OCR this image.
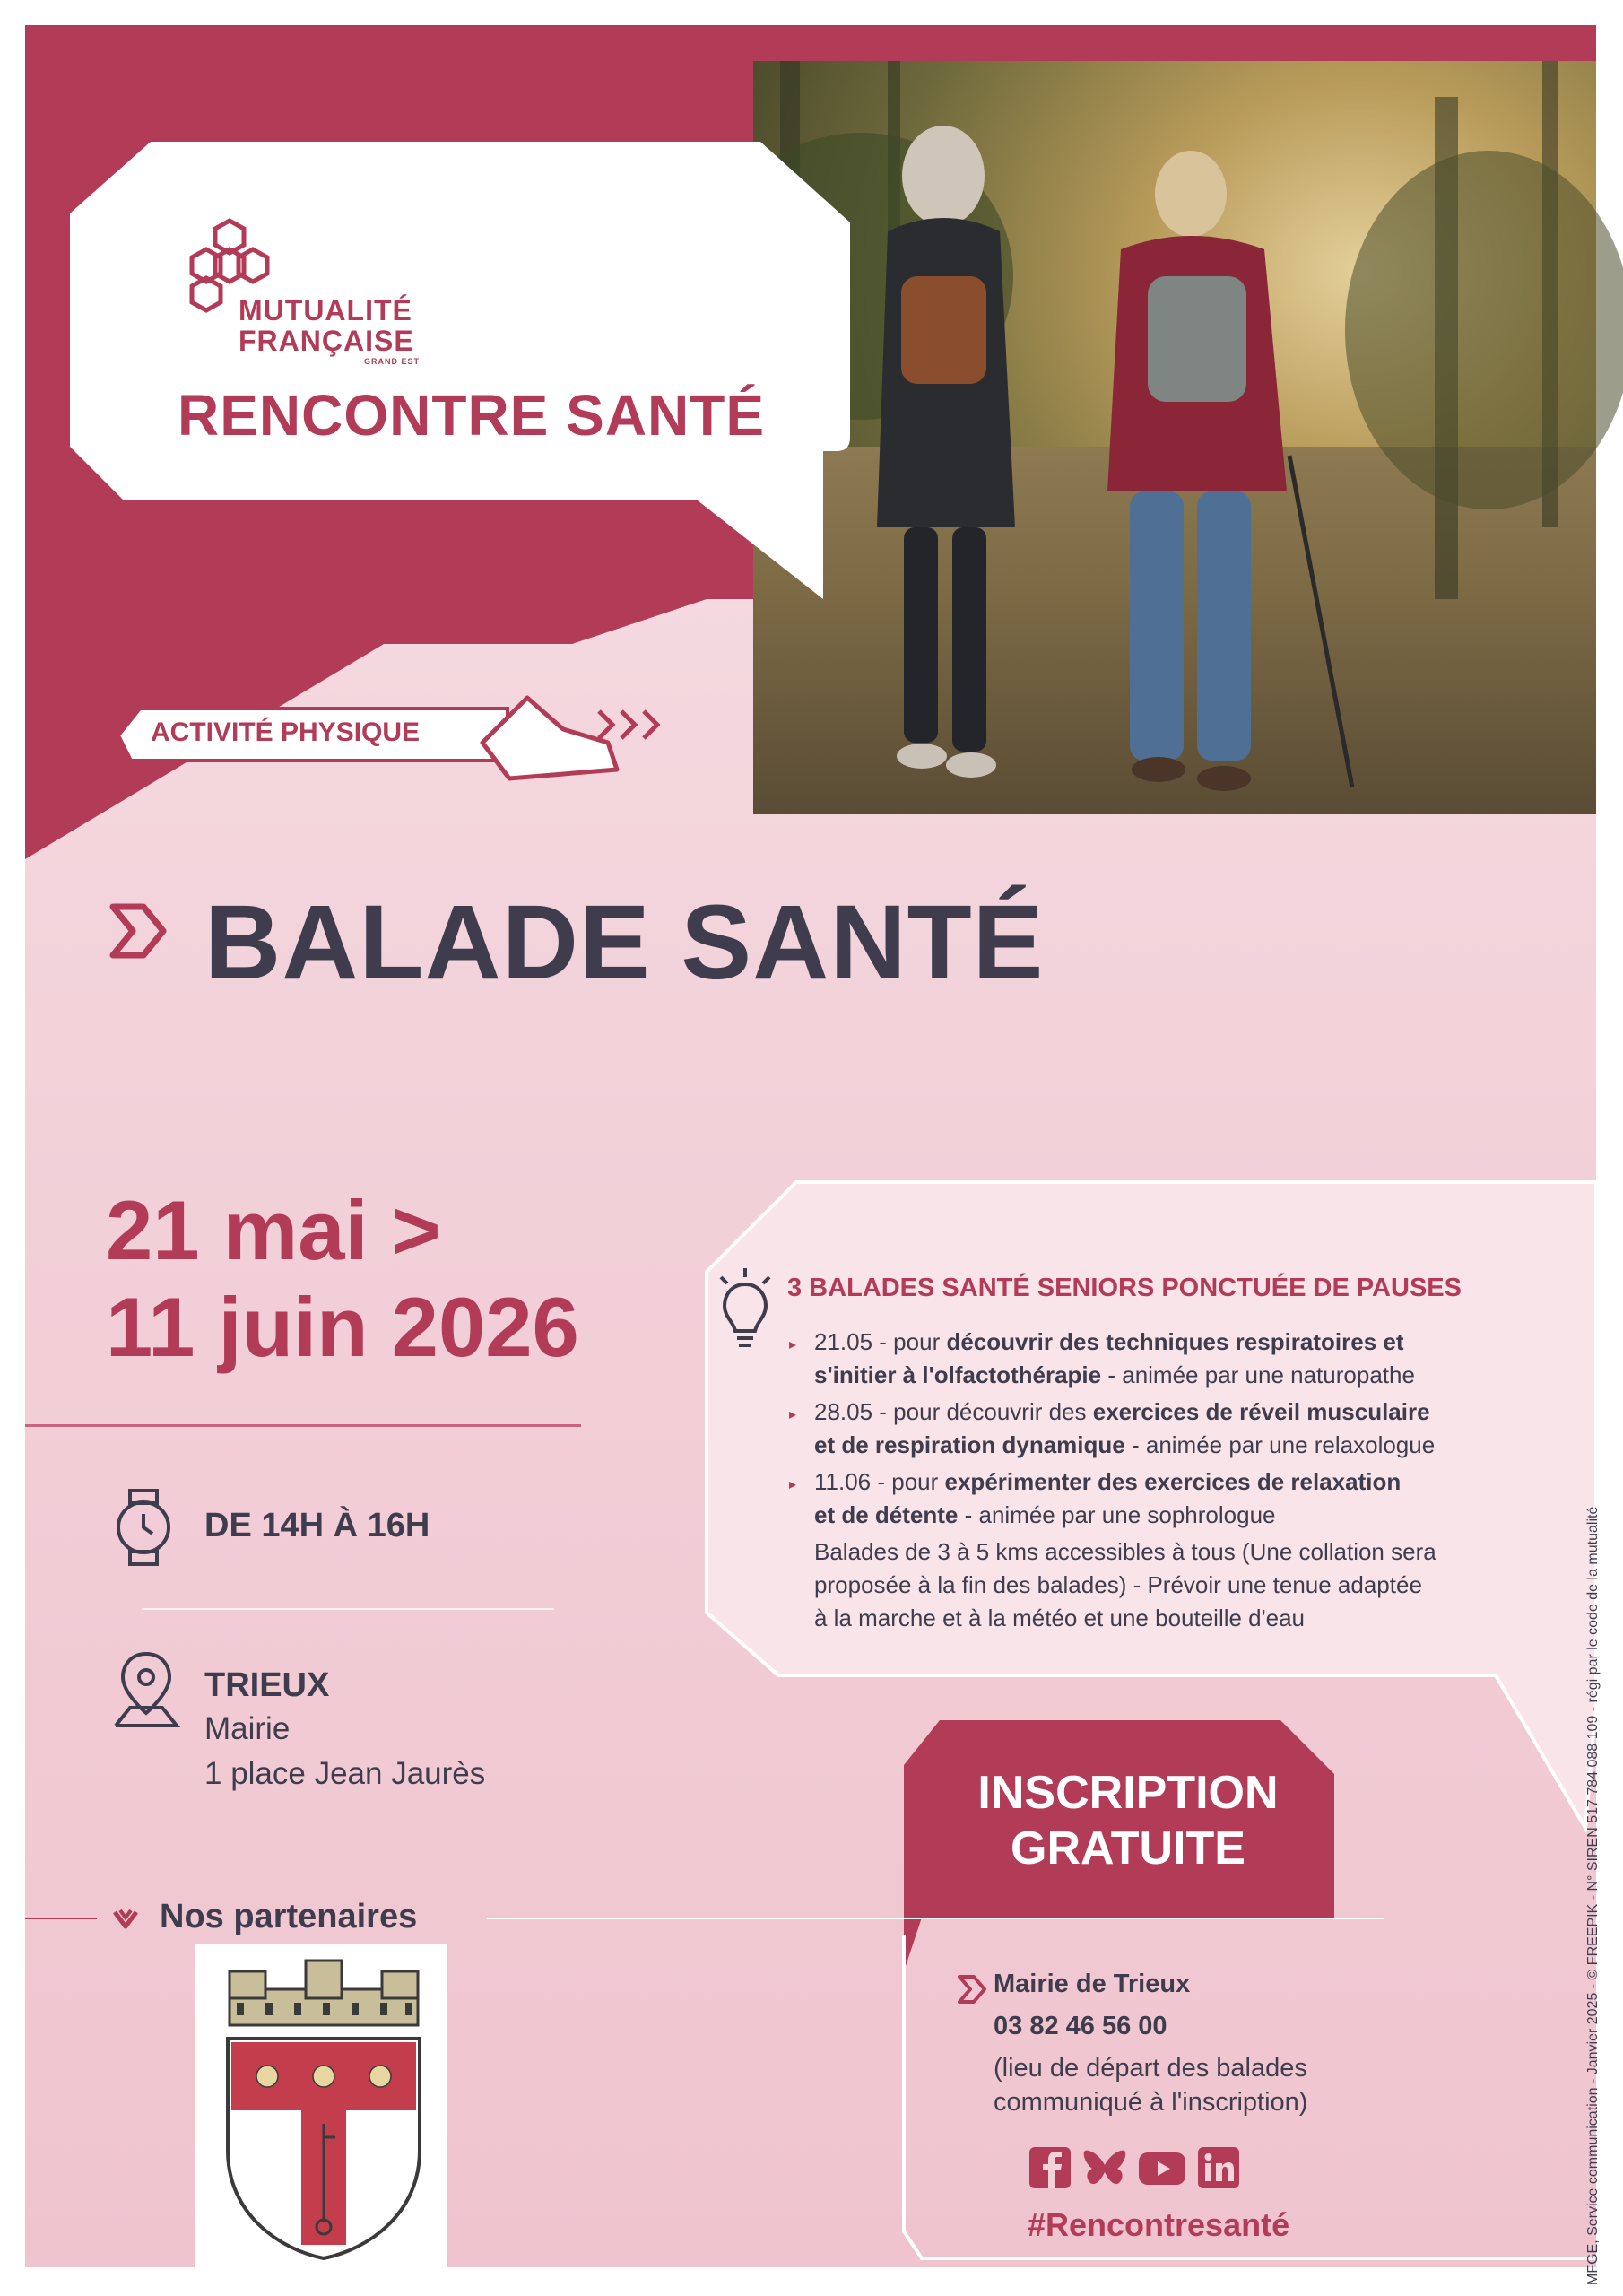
MUTUALITÉ
FRANÇAISE
GRAND EST
RENCONTRE SANTÉ
ACTIVITÉ PHYSIQUE
BALADE SANTÉ
21 mai >
11 juin 2026
DE 14H À 16H
TRIEUX
Mairie
1 place Jean Jaurès
3 BALADES SANTÉ SENIORS PONCTUÉE DE PAUSES
▸ 21.05 - pour découvrir des techniques respiratoires et
s'initier à l'olfactothérapie - animée par une naturopathe
▸ 28.05 - pour découvrir des exercices de réveil musculaire
et de respiration dynamique - animée par une relaxologue
▸ 11.06 - pour expérimenter des exercices de relaxation
et de détente - animée par une sophrologue
Balades de 3 à 5 kms accessibles à tous (Une collation sera
proposée à la fin des balades) - Prévoir une tenue adaptée
à la marche et à la météo et une bouteille d'eau
INSCRIPTION
GRATUITE
Mairie de Trieux
03 82 46 56 00
(lieu de départ des balades
communiqué à l'inscription)
#Rencontresanté
Nos partenaires	MFGE, Service communication - Janvier 2025 - © FREEPIK - N° SIREN 517 784 088 109 - régi par le code de la mutualité
